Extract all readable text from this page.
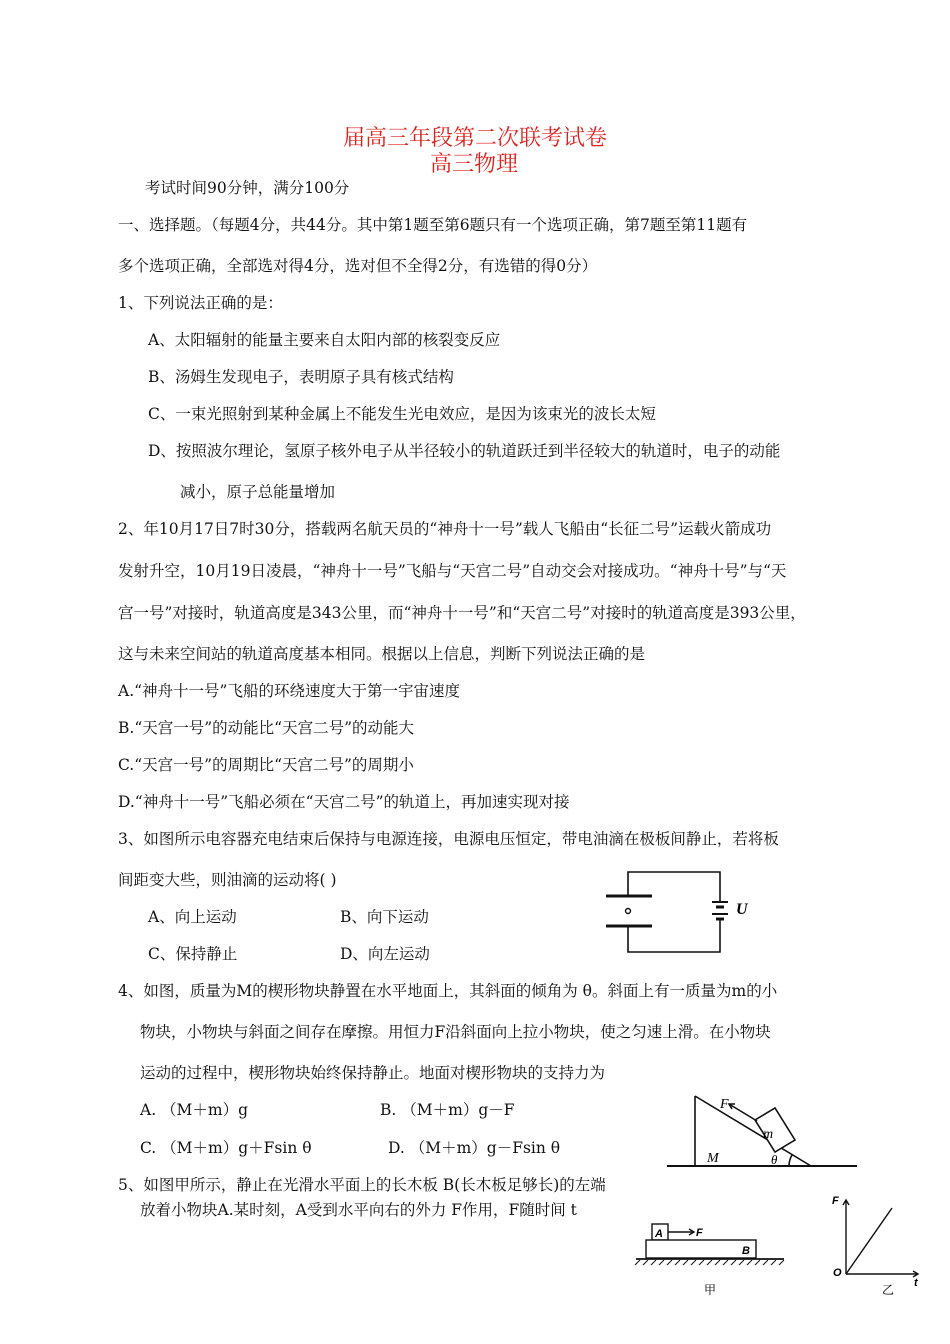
届高三年段第二次联考试卷
高三物理
考试时间90分钟，满分100分
一、选择题。（每题4分，共44分。其中第1题至第6题只有一个选项正确，第7题至第11题有
多个选项正确，全部选对得4分，选对但不全得2分，有选错的得0分）
1、下列说法正确的是：
A、太阳辐射的能量主要来自太阳内部的核裂变反应
B、汤姆生发现电子，表明原子具有核式结构
C、一束光照射到某种金属上不能发生光电效应，是因为该束光的波长太短
D、按照波尔理论，氢原子核外电子从半径较小的轨道跃迁到半径较大的轨道时，电子的动能
减小，原子总能量增加
2、年10月17日7时30分，搭载两名航天员的“神舟十一号”载人飞船由“长征二号”运载火箭成功
发射升空，10月19日凌晨，“神舟十一号”飞船与“天宫二号”自动交会对接成功。“神舟十号”与“天
宫一号”对接时，轨道高度是343公里，而“神舟十一号”和“天宫二号”对接时的轨道高度是393公里，
这与未来空间站的轨道高度基本相同。根据以上信息，判断下列说法正确的是
A.“神舟十一号”飞船的环绕速度大于第一宇宙速度
B.“天宫一号”的动能比“天宫二号”的动能大
C.“天宫一号”的周期比“天宫二号”的周期小
D.“神舟十一号”飞船必须在“天宫二号”的轨道上，再加速实现对接
3、如图所示电容器充电结束后保持与电源连接，电源电压恒定，带电油滴在极板间静止，若将板
间距变大些，则油滴的运动将( )
A、向上运动	B、向下运动
C、保持静止	D、向左运动
U
4、如图，质量为M的楔形物块静置在水平地面上，其斜面的倾角为 θ。斜面上有一质量为m的小
物块，小物块与斜面之间存在摩擦。用恒力F沿斜面向上拉小物块，使之匀速上滑。在小物块
运动的过程中，楔形物块始终保持静止。地面对楔形物块的支持力为
A. （M＋m）g	B. （M＋m）g－F
C. （M＋m）g＋Fsin θ	D. （M＋m）g－Fsin θ
F
m
M	θ
5、如图甲所示，静止在光滑水平面上的长木板 B(长木板足够长)的左端
放着小物块A.某时刻，A受到水平向右的外力 F作用，F随时间 t
A
B
F
甲
F
O
t
乙
